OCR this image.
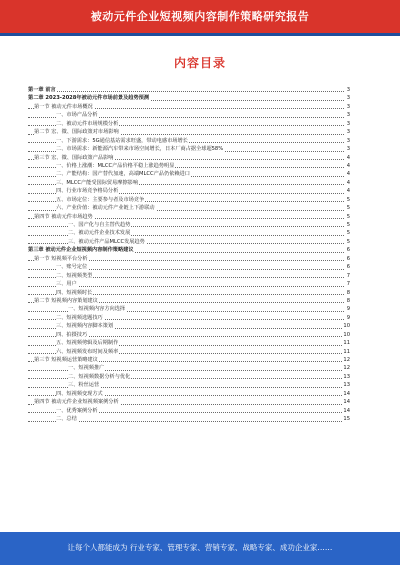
被动元件企业短视频内容制作策略研究报告
内容目录
第一章 前言	3
第二章 2023-2028年被动元件市场前景及趋势预测	3
第一节 被动元件市场概况	3
一、市场产品分析	3
二、被动元件市场规模分析	3
第二节 宏、微、国际政策对市场影响	3
一、下游需求：5G通信基站需求旺盛，带动电感市场增长	3
二、市场需求：新能源汽车带来市场空间增长，日本厂商占据全球超58%	3
第三节 宏、微、国际政策产品影响	4
一、价格上涨潮：MLCC产品价格平稳上涨趋势明显	4
二、产能结构：国产替代加速，高端MLCC产品仍依赖进口	4
三、MLCC产能受国际贸易摩擦影响	4
四、行业市场竞争格局分析	4
五、市场定位：主要参与者及市场竞争	5
六、产业价值：被动元件产业链上下游联动	5
第四节 被动元件市场趋势	5
一、国产化与自主替代趋势	5
二、被动元件企业技术发展	5
三、被动元件产品MLCC发展趋势	5
第三章 被动元件企业短视频内容制作策略建议	6
第一节 短视频平台分析	6
一、账号定位	6
二、短视频类型	7
三、用户	7
四、短视频时长	8
第二节 短视频内容策划建议	8
一、短视频内容方向选择	9
二、短视频选题技巧	9
三、短视频内容脚本策划	10
四、拍摄技巧	10
五、短视频剪辑及后期制作	11
六、短视频发布时间及频率	11
第三节 短视频运营策略建议	12
一、短视频推广	12
二、短视频数据分析与优化	13
三、粉丝运营	13
四、短视频变现方式	14
第四节 被动元件企业短视频案例分析	14
一、优秀案例分析	14
二、总结	15
让每个人都能成为 行业专家、管理专家、营销专家、战略专家、成功企业家……
